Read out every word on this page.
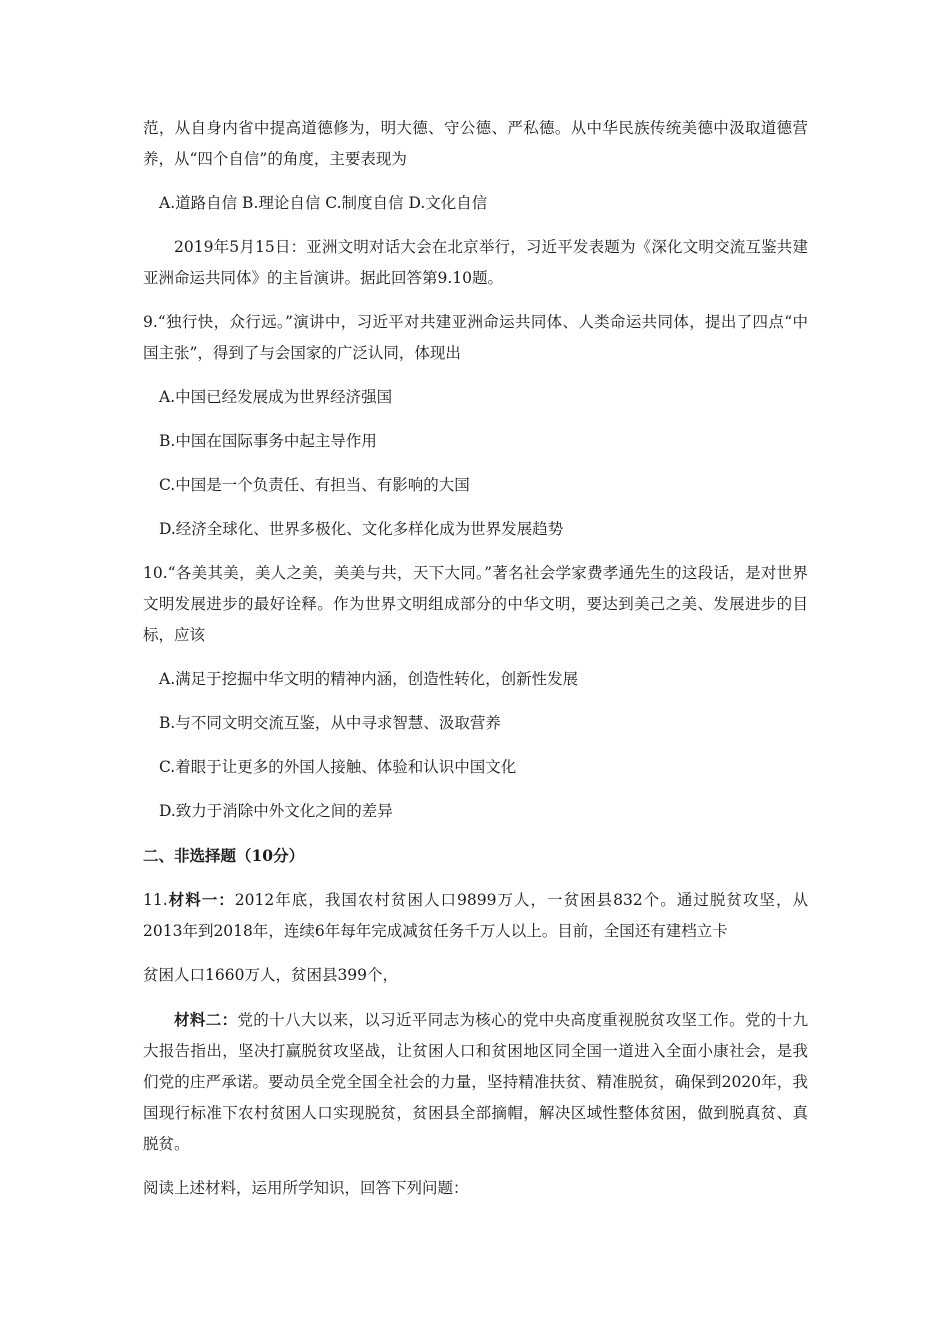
范，从自身内省中提高道德修为，明大德、守公德、严私德。从中华民族传统美德中汲取道德营养，从“四个自信”的角度，主要表现为

A.道路自信 B.理论自信 C.制度自信 D.文化自信

2019年5月15日：亚洲文明对话大会在北京举行，习近平发表题为《深化文明交流互鉴共建亚洲命运共同体》的主旨演讲。据此回答第9.10题。

9.“独行快，众行远。”演讲中，习近平对共建亚洲命运共同体、人类命运共同体，提出了四点“中国主张”，得到了与会国家的广泛认同，体现出

A.中国已经发展成为世界经济强国

B.中国在国际事务中起主导作用

C.中国是一个负责任、有担当、有影响的大国

D.经济全球化、世界多极化、文化多样化成为世界发展趋势

10.“各美其美，美人之美，美美与共，天下大同。”著名社会学家费孝通先生的这段话，是对世界文明发展进步的最好诠释。作为世界文明组成部分的中华文明，要达到美己之美、发展进步的目标，应该

A.满足于挖掘中华文明的精神内涵，创造性转化，创新性发展

B.与不同文明交流互鉴，从中寻求智慧、汲取营养

C.着眼于让更多的外国人接触、体验和认识中国文化

D.致力于消除中外文化之间的差异

二、非选择题（10分）

11.材料一：2012年底，我国农村贫困人口9899万人，一贫困县832个。通过脱贫攻坚，从2013年到2018年，连续6年每年完成减贫任务千万人以上。目前，全国还有建档立卡

贫困人口1660万人，贫困县399个，

材料二：党的十八大以来，以习近平同志为核心的党中央高度重视脱贫攻坚工作。党的十九大报告指出，坚决打赢脱贫攻坚战，让贫困人口和贫困地区同全国一道进入全面小康社会，是我们党的庄严承诺。要动员全党全国全社会的力量，坚持精准扶贫、精准脱贫，确保到2020年，我国现行标准下农村贫困人口实现脱贫，贫困县全部摘帽，解决区域性整体贫困，做到脱真贫、真脱贫。

阅读上述材料，运用所学知识，回答下列问题：
